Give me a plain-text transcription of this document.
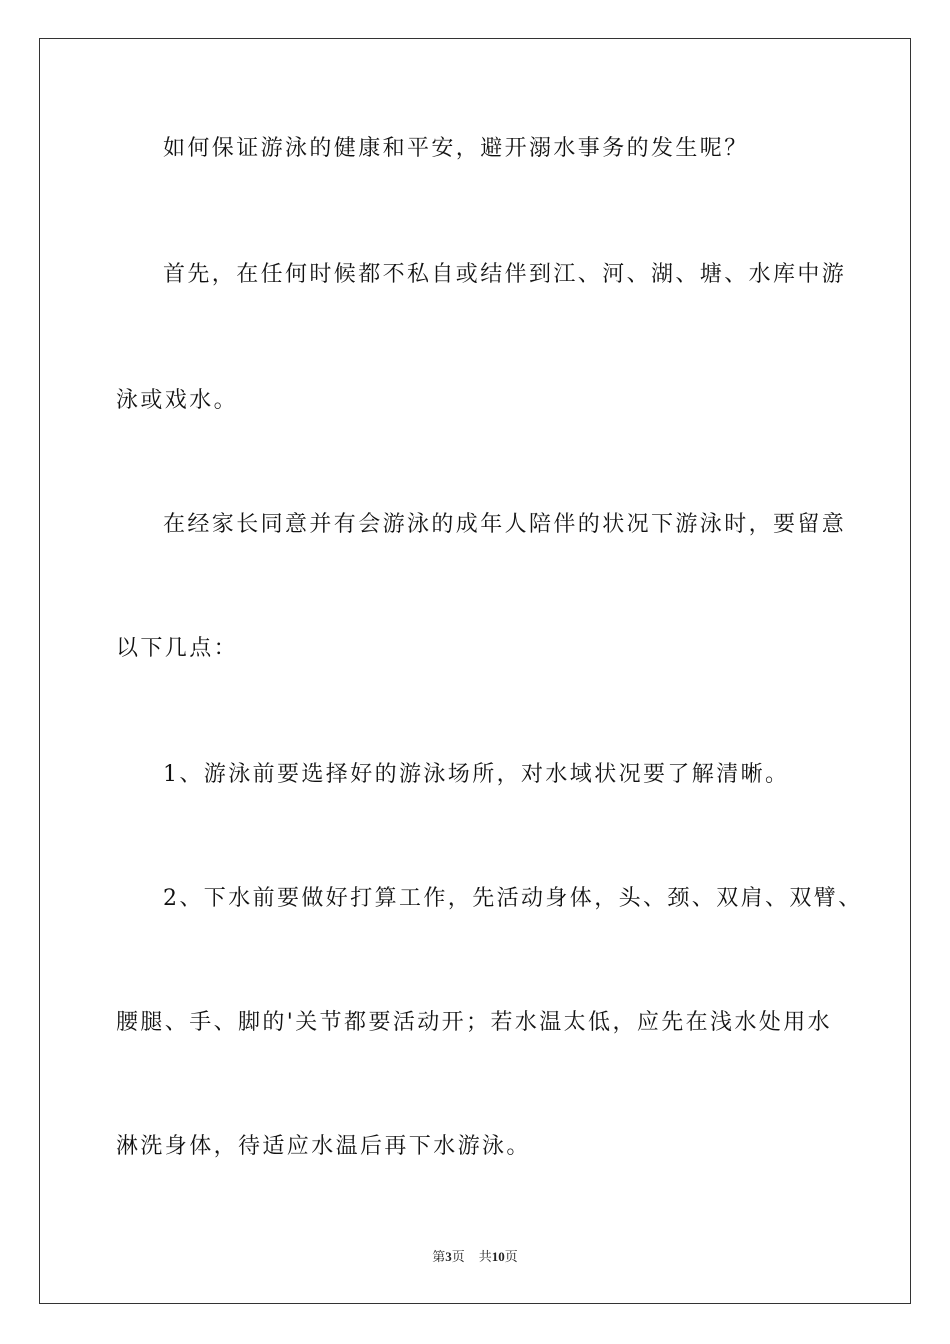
如何保证游泳的健康和平安，避开溺水事务的发生呢？
首先，在任何时候都不私自或结伴到江、河、湖、塘、水库中游
泳或戏水。
在经家长同意并有会游泳的成年人陪伴的状况下游泳时，要留意
以下几点：
1、游泳前要选择好的游泳场所，对水域状况要了解清晰。
2、下水前要做好打算工作，先活动身体，头、颈、双肩、双臂、
腰腿、手、脚的'关节都要活动开；若水温太低，应先在浅水处用水
淋洗身体，待适应水温后再下水游泳。
第3页 共10页
